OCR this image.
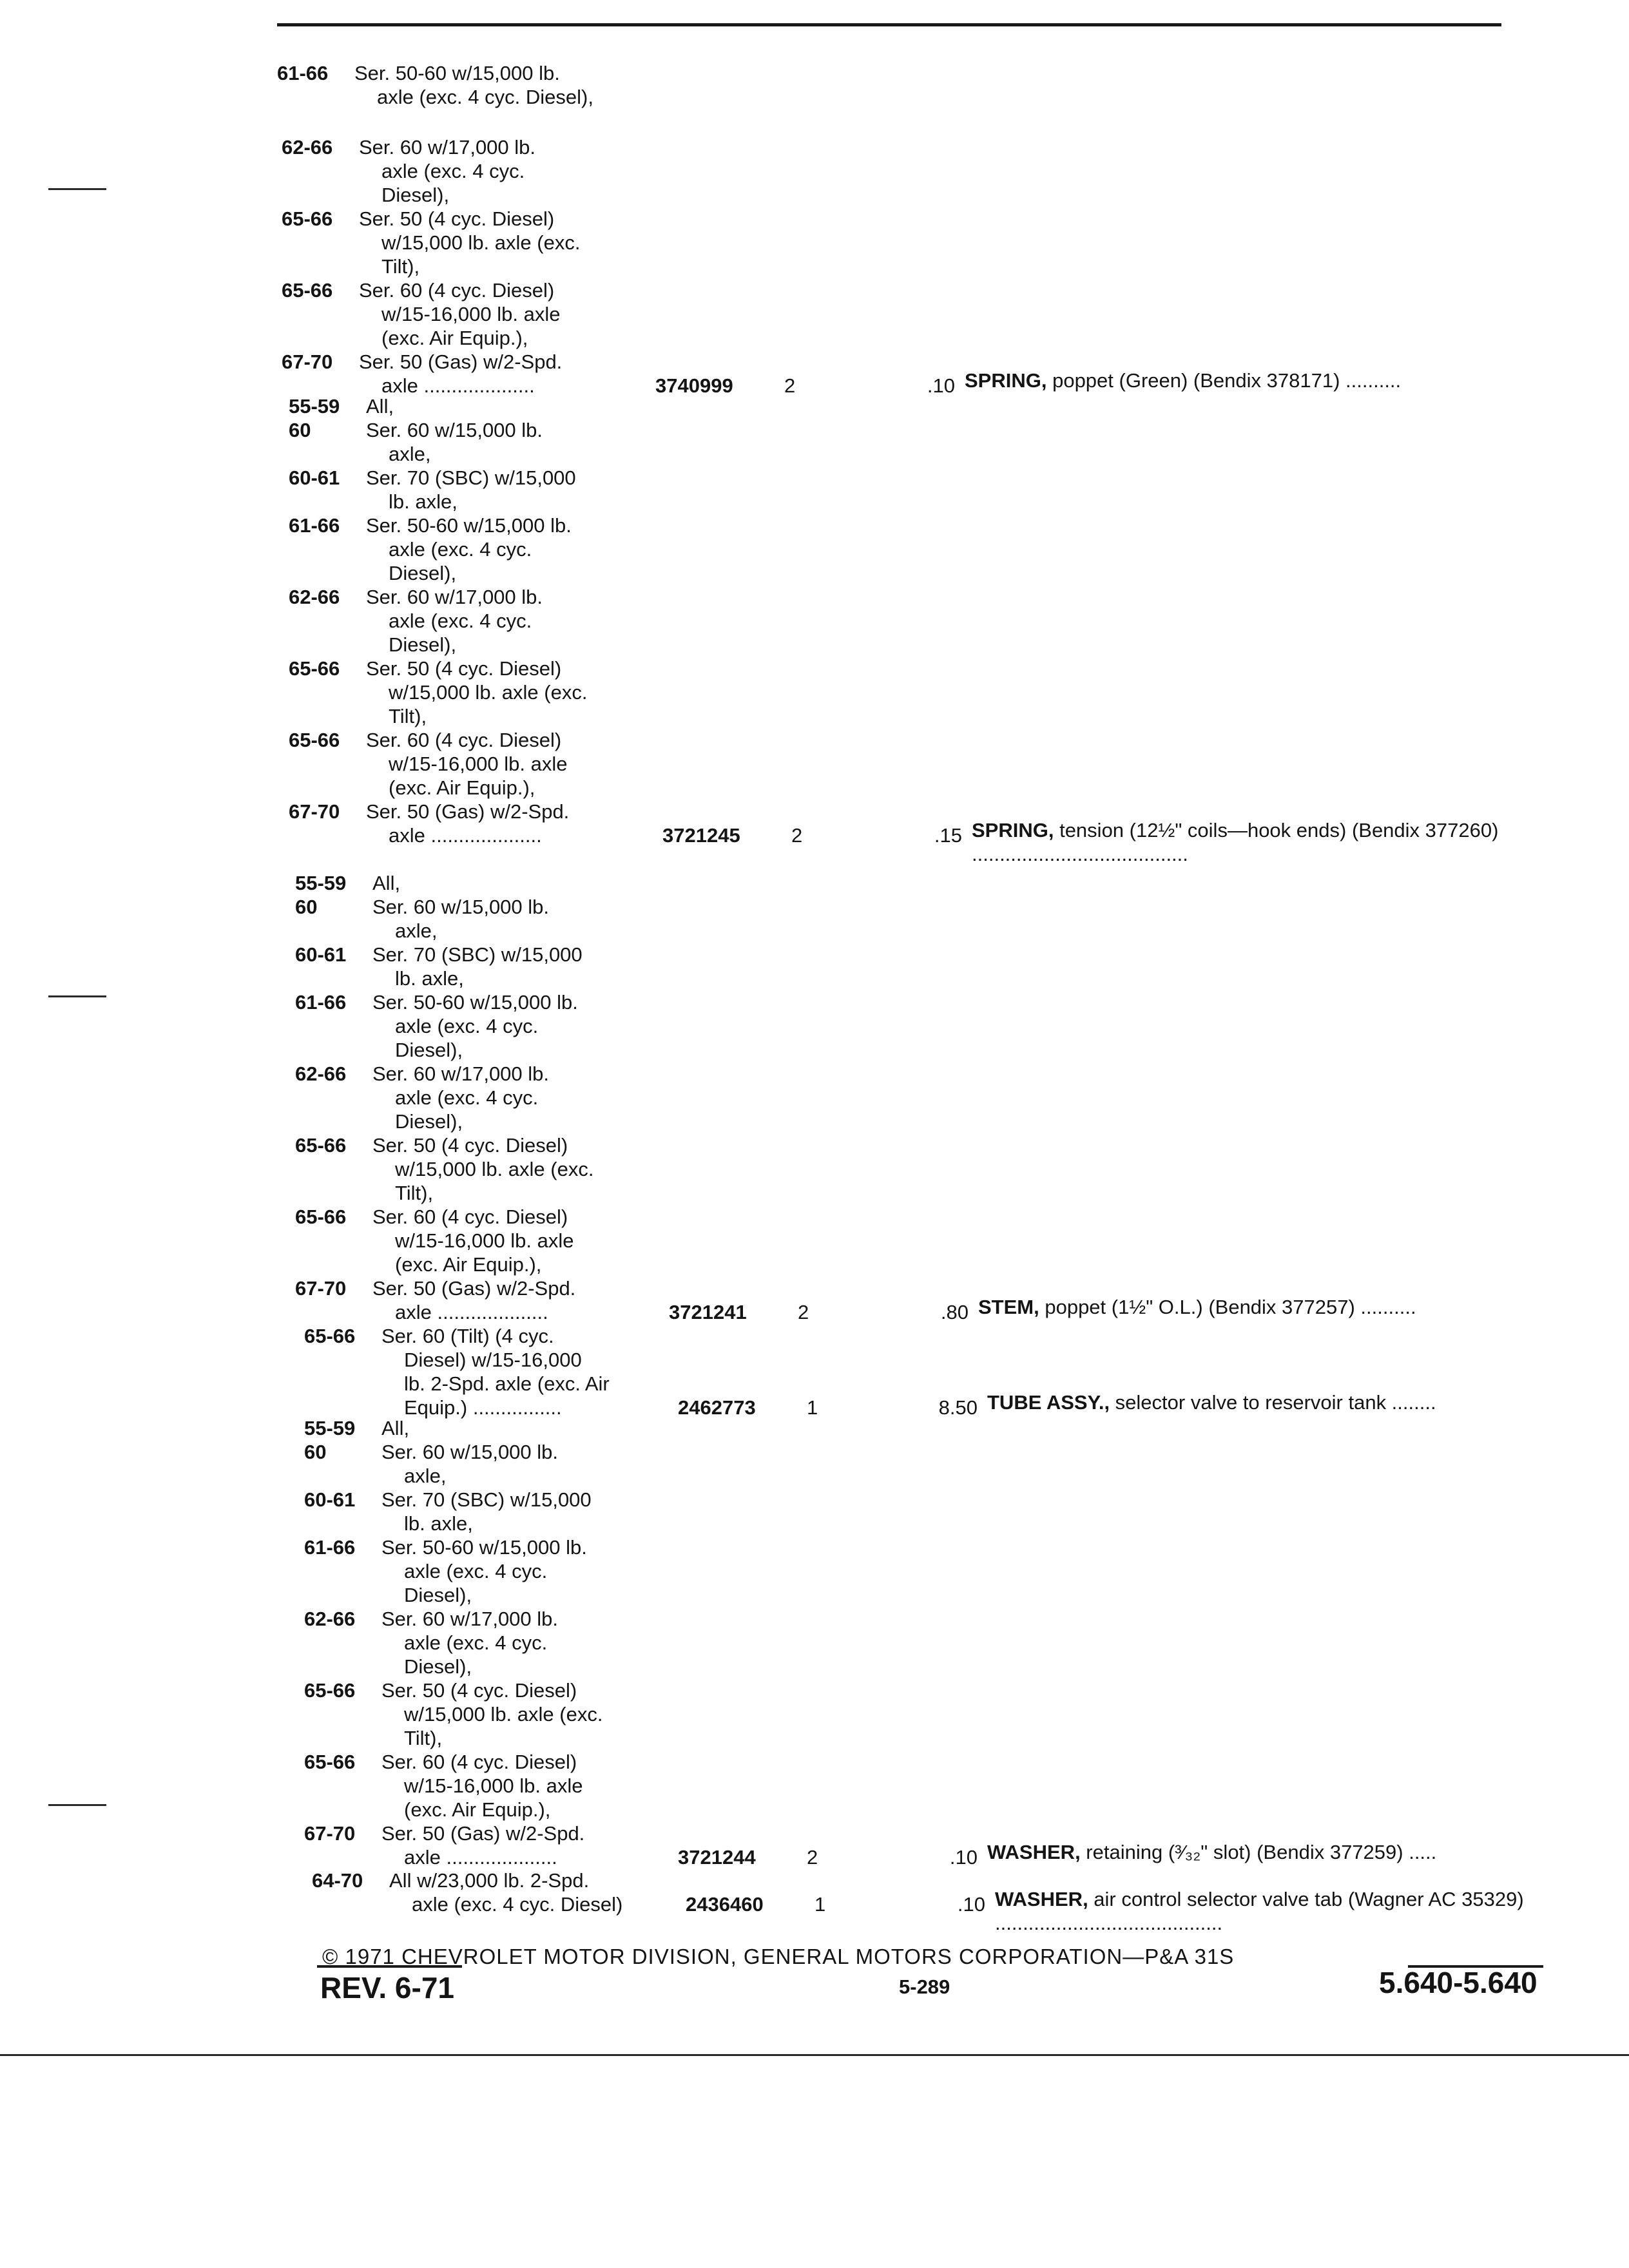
61-66 Ser. 50-60 w/15,000 lb.
axle (exc. 4 cyc. Diesel),
62-66 Ser. 60 w/17,000 lb.
axle (exc. 4 cyc.
Diesel),
65-66 Ser. 50 (4 cyc. Diesel)
w/15,000 lb. axle (exc.
Tilt),
65-66 Ser. 60 (4 cyc. Diesel)
w/15-16,000 lb. axle
(exc. Air Equip.),
67-70 Ser. 50 (Gas) w/2-Spd.
axle ....................	3740999	2	.10 SPRING, poppet (Green) (Bendix 378171) ..........
55-59 All,
60	Ser. 60 w/15,000 lb.
axle,
60-61 Ser. 70 (SBC) w/15,000
lb. axle,
61-66 Ser. 50-60 w/15,000 lb.
axle (exc. 4 cyc.
Diesel),
62-66 Ser. 60 w/17,000 lb.
axle (exc. 4 cyc.
Diesel),
65-66 Ser. 50 (4 cyc. Diesel)
w/15,000 lb. axle (exc.
Tilt),
65-66 Ser. 60 (4 cyc. Diesel)
w/15-16,000 lb. axle
(exc. Air Equip.),
67-70 Ser. 50 (Gas) w/2-Spd.
axle ....................	3721245	2	.15 SPRING, tension (12½" coils—hook ends) (Bendix 377260) .......................................
55-59 All,
60	Ser. 60 w/15,000 lb.
axle,
60-61 Ser. 70 (SBC) w/15,000
lb. axle,
61-66 Ser. 50-60 w/15,000 lb.
axle (exc. 4 cyc.
Diesel),
62-66 Ser. 60 w/17,000 lb.
axle (exc. 4 cyc.
Diesel),
65-66 Ser. 50 (4 cyc. Diesel)
w/15,000 lb. axle (exc.
Tilt),
65-66 Ser. 60 (4 cyc. Diesel)
w/15-16,000 lb. axle
(exc. Air Equip.),
67-70 Ser. 50 (Gas) w/2-Spd.
axle ....................	3721241	2	.80 STEM, poppet (1½" O.L.) (Bendix 377257) ..........
65-66 Ser. 60 (Tilt) (4 cyc.
Diesel) w/15-16,000
lb. 2-Spd. axle (exc. Air
Equip.) ................	2462773	1	8.50 TUBE ASSY., selector valve to reservoir tank ........
55-59 All,
60	Ser. 60 w/15,000 lb.
axle,
60-61 Ser. 70 (SBC) w/15,000
lb. axle,
61-66 Ser. 50-60 w/15,000 lb.
axle (exc. 4 cyc.
Diesel),
62-66 Ser. 60 w/17,000 lb.
axle (exc. 4 cyc.
Diesel),
65-66 Ser. 50 (4 cyc. Diesel)
w/15,000 lb. axle (exc.
Tilt),
65-66 Ser. 60 (4 cyc. Diesel)
w/15-16,000 lb. axle
(exc. Air Equip.),
67-70 Ser. 50 (Gas) w/2-Spd.
axle ....................	3721244	2	.10 WASHER, retaining (³⁄₃₂" slot) (Bendix 377259) .....
64-70 All w/23,000 lb. 2-Spd.
axle (exc. 4 cyc. Diesel)	2436460	1	.10 WASHER, air control selector valve tab (Wagner AC 35329) .........................................
© 1971 CHEVROLET MOTOR DIVISION, GENERAL MOTORS CORPORATION—P&A 31S
REV. 6-71	5-289	5.640-5.640
